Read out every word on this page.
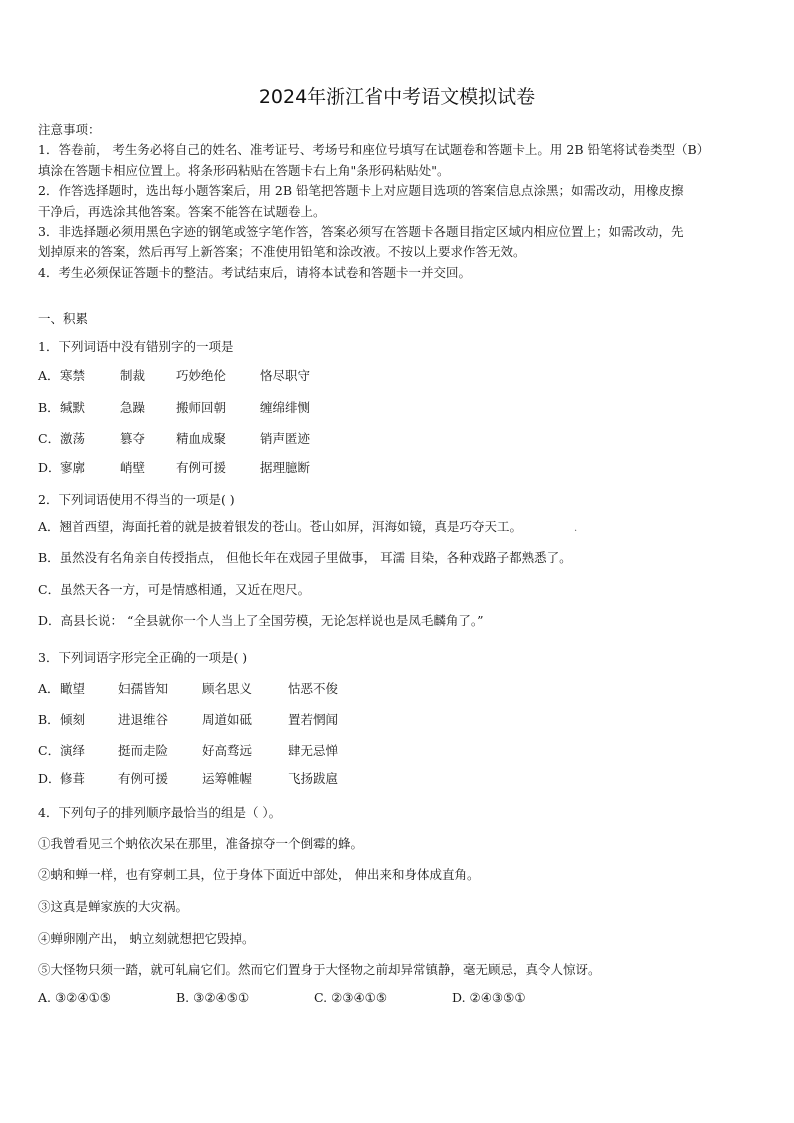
2024年浙江省中考语文模拟试卷
注意事项：
1．答卷前， 考生务必将自己的姓名、准考证号、考场号和座位号填写在试题卷和答题卡上。用 2B 铅笔将试卷类型（B）
填涂在答题卡相应位置上。将条形码粘贴在答题卡右上角"条形码粘贴处"。
2．作答选择题时，选出每小题答案后，用 2B 铅笔把答题卡上对应题目选项的答案信息点涂黑；如需改动，用橡皮擦
干净后，再选涂其他答案。答案不能答在试题卷上。
3．非选择题必须用黑色字迹的钢笔或签字笔作答，答案必须写在答题卡各题目指定区域内相应位置上；如需改动，先
划掉原来的答案，然后再写上新答案；不准使用铅笔和涂改液。不按以上要求作答无效。
4．考生必须保证答题卡的整洁。考试结束后，请将本试卷和答题卡一并交回。
一、积累
1．下列词语中没有错别字的一项是
A． 寒禁	制裁 巧妙绝伦	恪尽职守
B． 缄默	急躁 搬师回朝	缠绵绯恻
C． 激荡	篡夺 精血成聚	销声匿迹
D． 寥廓	峭壁 有例可援	据理臆断
2．下列词语使用不得当的一项是( )
A．翘首西望，海面托着的就是披着银发的苍山。苍山如屏，洱海如镜，真是巧夺天工。	.
B．虽然没有名角亲自传授指点， 但他长年在戏园子里做事， 耳濡 目染，各种戏路子都熟悉了。
C．虽然天各一方，可是情感相通，又近在咫尺。
D．高县长说： “全县就你一个人当上了全国劳模，无论怎样说也是凤毛麟角了。”
3．下列词语字形完全正确的一项是( )
A． 瞰望	妇孺皆知	顾名思义	怙恶不俊
B． 倾刻	进退维谷	周道如砥	置若惘闻
C． 演绎	挺而走险	好高骛远	肆无忌惮
D． 修葺	有例可援	运筹帷幄	飞扬跋扈
4．下列句子的排列顺序最恰当的组是（ ）。
①我曾看见三个蚋依次呆在那里，准备掠夺一个倒霉的蜂。
②蚋和蝉一样，也有穿刺工具，位于身体下面近中部处， 伸出来和身体成直角。
③这真是蝉家族的大灾祸。
④蝉卵刚产出， 蚋立刻就想把它毁掉。
⑤大怪物只须一踏，就可轧扁它们。然而它们置身于大怪物之前却异常镇静，毫无顾忌，真令人惊讶。
A. ③②④①⑤	B. ③②④⑤①	C. ②③④①⑤	D. ②④③⑤①
